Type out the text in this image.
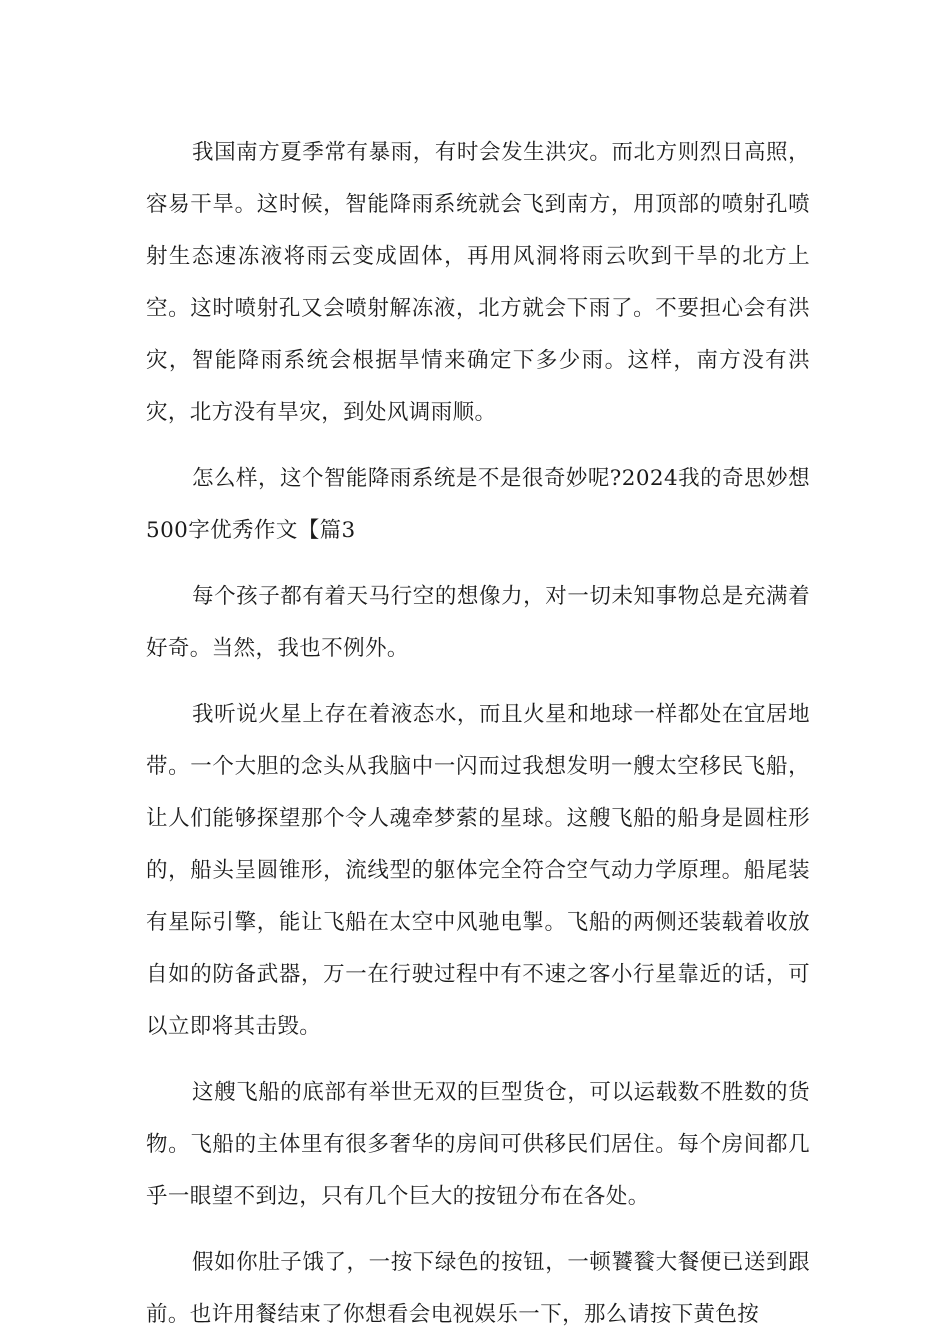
我国南方夏季常有暴雨，有时会发生洪灾。而北方则烈日高照，容易干旱。这时候，智能降雨系统就会飞到南方，用顶部的喷射孔喷射生态速冻液将雨云变成固体，再用风洞将雨云吹到干旱的北方上空。这时喷射孔又会喷射解冻液，北方就会下雨了。不要担心会有洪灾，智能降雨系统会根据旱情来确定下多少雨。这样，南方没有洪灾，北方没有旱灾，到处风调雨顺。

怎么样，这个智能降雨系统是不是很奇妙呢?2024我的奇思妙想500字优秀作文【篇3

每个孩子都有着天马行空的想像力，对一切未知事物总是充满着好奇。当然，我也不例外。

我听说火星上存在着液态水，而且火星和地球一样都处在宜居地带。一个大胆的念头从我脑中一闪而过我想发明一艘太空移民飞船，让人们能够探望那个令人魂牵梦萦的星球。这艘飞船的船身是圆柱形的，船头呈圆锥形，流线型的躯体完全符合空气动力学原理。船尾装有星际引擎，能让飞船在太空中风驰电掣。飞船的两侧还装载着收放自如的防备武器，万一在行驶过程中有不速之客小行星靠近的话，可以立即将其击毁。

这艘飞船的底部有举世无双的巨型货仓，可以运载数不胜数的货物。飞船的主体里有很多奢华的房间可供移民们居住。每个房间都几乎一眼望不到边，只有几个巨大的按钮分布在各处。

假如你肚子饿了，一按下绿色的按钮，一顿饕餮大餐便已送到跟前。也许用餐结束了你想看会电视娱乐一下，那么请按下黄色按
